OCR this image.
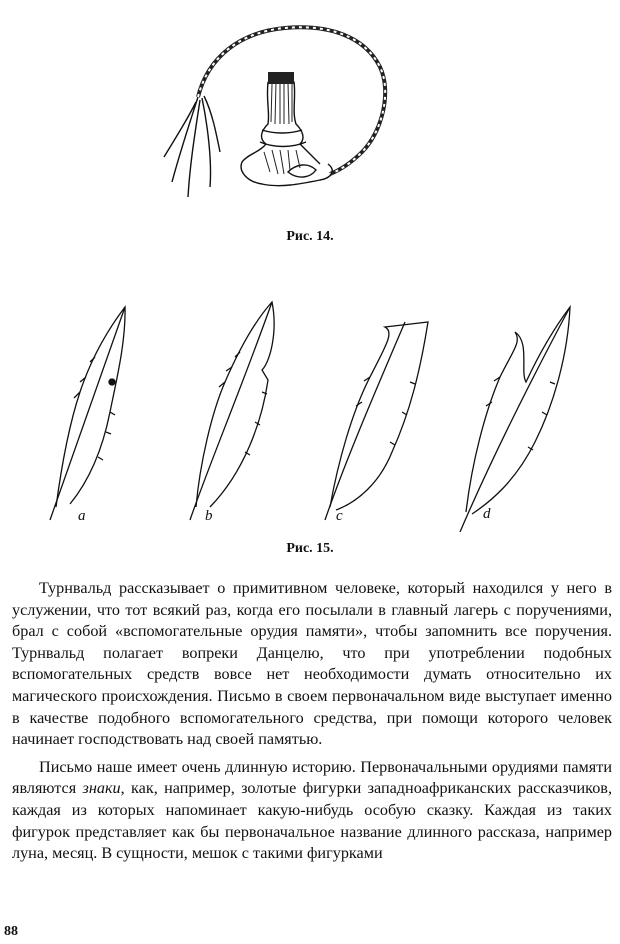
Рис. 14.
a	b	c	d
Рис. 15.

Турнвальд рассказывает о примитивном человеке, который находился у него в услужении, что тот всякий раз, когда его посылали в главный лагерь с поручениями, брал с собой «вспомогательные орудия памяти», чтобы запомнить все поручения. Турнвальд полагает вопреки Данцелю, что при употреблении подобных вспомогательных средств вовсе нет необходимости думать относительно их магического происхождения. Письмо в своем первоначальном виде выступает именно в качестве подобного вспомогательного средства, при помощи которого человек начинает господствовать над своей памятью.

Письмо наше имеет очень длинную историю. Первоначальными орудиями памяти являются знаки, как, например, золотые фигурки западноафриканских рассказчиков, каждая из которых напоминает какую-нибудь особую сказку. Каждая из таких фигурок представляет как бы первоначальное название длинного рассказа, например луна, месяц. В сущности, мешок с такими фигурками

88
